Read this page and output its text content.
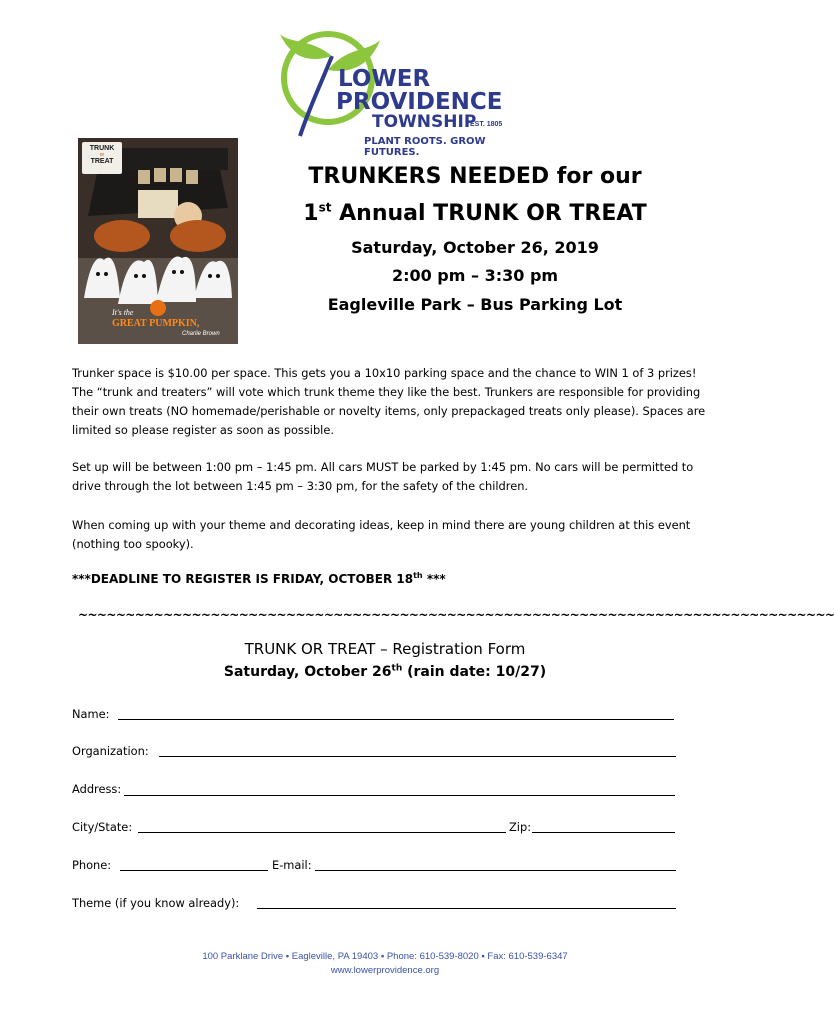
LOWER
PROVIDENCE
TOWNSHIP
EST. 1805
PLANT ROOTS. GROW FUTURES.
TRUNK
or
TREAT
It's the
GREAT PUMPKIN,
Charlie Brown
TRUNKERS NEEDED for our
1st Annual TRUNK OR TREAT
Saturday, October 26, 2019
2:00 pm – 3:30 pm
Eagleville Park – Bus Parking Lot

Trunker space is $10.00 per space. This gets you a 10x10 parking space and the chance to WIN 1 of 3 prizes! The “trunk and treaters” will vote which trunk theme they like the best. Trunkers are responsible for providing their own treats (NO homemade/perishable or novelty items, only prepackaged treats only please). Spaces are limited so please register as soon as possible.

Set up will be between 1:00 pm – 1:45 pm. All cars MUST be parked by 1:45 pm. No cars will be permitted to drive through the lot between 1:45 pm – 3:30 pm, for the safety of the children.

When coming up with your theme and decorating ideas, keep in mind there are young children at this event (nothing too spooky).

***DEADLINE TO REGISTER IS FRIDAY, OCTOBER 18th ***
~~~~~~~~~~~~~~~~~~~~~~~~~~~~~~~~~~~~~~~~~~~~~~~~~~~~~~~~~~~~~~~~~~~~~~~~~~~~~~~~
TRUNK OR TREAT – Registration Form
Saturday, October 26th (rain date: 10/27)
Name:
Organization:
Address:
City/State:	Zip:
Phone:	E-mail:
Theme (if you know already):
100 Parklane Drive ▪ Eagleville, PA 19403 ▪ Phone: 610-539-8020 ▪ Fax: 610-539-6347
www.lowerprovidence.org
